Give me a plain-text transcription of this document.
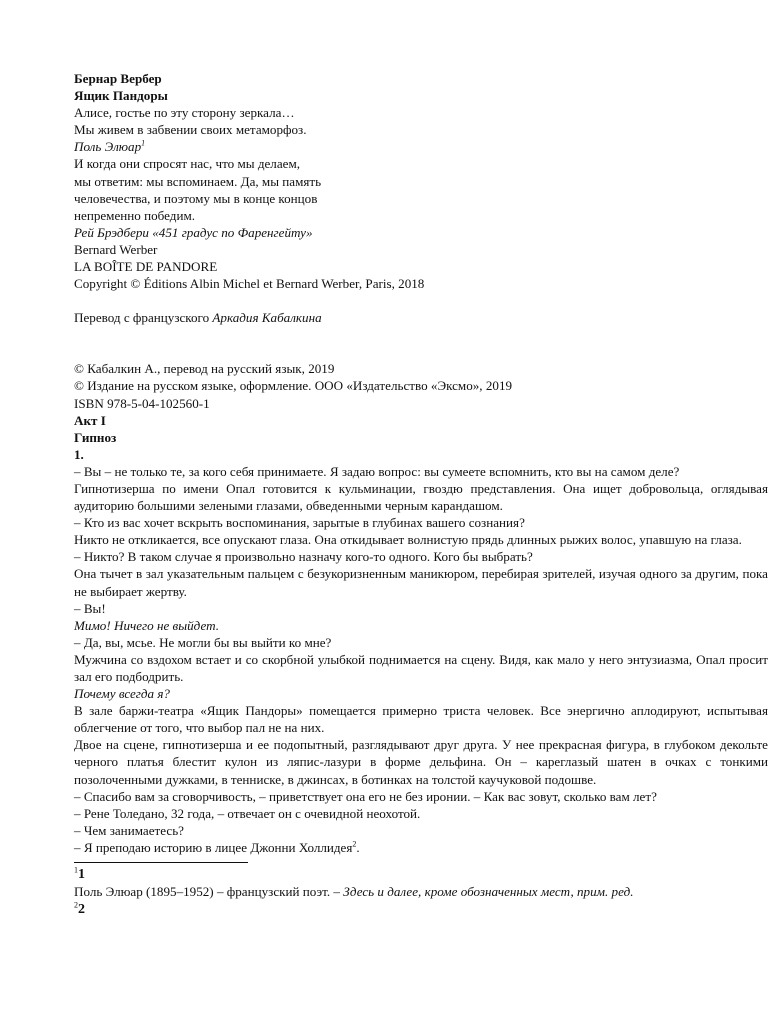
Бернар Вербер

Ящик Пандоры

Алисе, гостье по эту сторону зеркала…

Мы живем в забвении своих метаморфоз.

Поль Элюар$^1$

И когда они спросят нас, что мы делаем,

мы ответим: мы вспоминаем. Да, мы память

человечества, и поэтому мы в конце концов

непременно победим.

Рей Брэдбери «451 градус по Фаренгейту»

Bernard Werber

LA BOÎTE DE PANDORE

Copyright © Éditions Albin Michel et Bernard Werber, Paris, 2018

Перевод с французского Аркадия Кабалкина

© Кабалкин А., перевод на русский язык, 2019

© Издание на русском языке, оформление. ООО «Издательство «Эксмо», 2019

ISBN 978-5-04-102560-1

Акт I

Гипноз

1.

– Вы – не только те, за кого себя принимаете. Я задаю вопрос: вы сумеете вспомнить, кто вы на самом деле?

Гипнотизерша по имени Опал готовится к кульминации, гвоздю представления. Она ищет добровольца, оглядывая аудиторию большими зелеными глазами, обведенными черным карандашом.

– Кто из вас хочет вскрыть воспоминания, зарытые в глубинах вашего сознания?

Никто не откликается, все опускают глаза. Она откидывает волнистую прядь длинных рыжих волос, упавшую на глаза.

– Никто? В таком случае я произвольно назначу кого-то одного. Кого бы выбрать?

Она тычет в зал указательным пальцем с безукоризненным маникюром, перебирая зрителей, изучая одного за другим, пока не выбирает жертву.

– Вы!

Мимо! Ничего не выйдет.

– Да, вы, мсье. Не могли бы вы выйти ко мне?

Мужчина со вздохом встает и со скорбной улыбкой поднимается на сцену. Видя, как мало у него энтузиазма, Опал просит зал его подбодрить.

Почему всегда я?

В зале баржи-театра «Ящик Пандоры» помещается примерно триста человек. Все энергично аплодируют, испытывая облегчение от того, что выбор пал не на них.

Двое на сцене, гипнотизерша и ее подопытный, разглядывают друг друга. У нее прекрасная фигура, в глубоком декольте черного платья блестит кулон из ляпис-лазури в форме дельфина. Он – кареглазый шатен в очках с тонкими позолоченными дужками, в тенниске, в джинсах, в ботинках на толстой каучуковой подошве.

– Спасибо вам за сговорчивость, – приветствует она его не без иронии. – Как вас зовут, сколько вам лет?

– Рене Толедано, 32 года, – отвечает он с очевидной неохотой.

– Чем занимаетесь?

– Я преподаю историю в лицее Джонни Холлидея$^2$.

$^1$1

Поль Элюар (1895–1952) – французский поэт. – Здесь и далее, кроме обозначенных мест, прим. ред.

$^2$2
